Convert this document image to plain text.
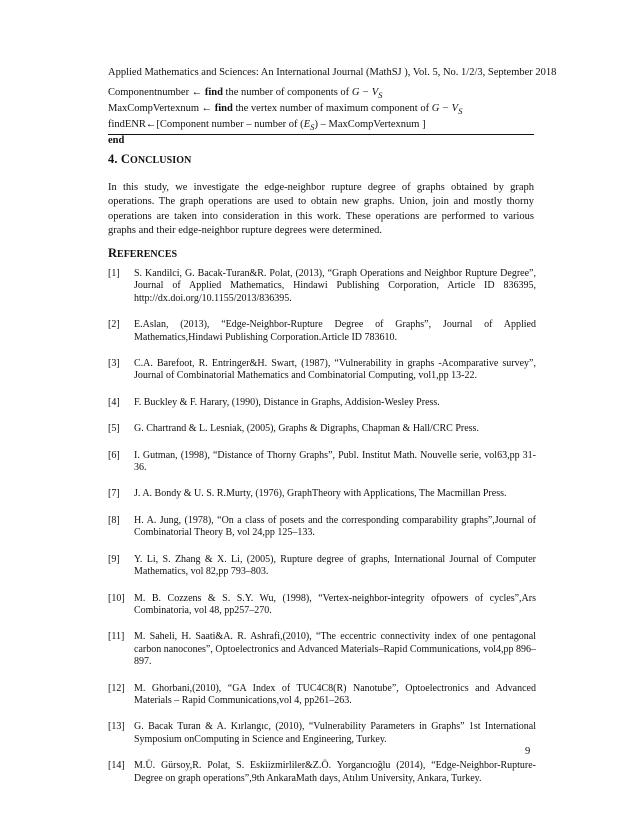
Applied Mathematics and Sciences: An International Journal (MathSJ ), Vol. 5, No. 1/2/3, September 2018
Componentnumber ← find the number of components of $G - V_S$
MaxCompVertexnum ← find the vertex number of maximum component of $G - V_S$
findENR←[Component number – number of $(E_S)$ – MaxCompVertexnum ]
end
4. CONCLUSION
In this study, we investigate the edge-neighbor rupture degree of graphs obtained by graph operations. The graph operations are used to obtain new graphs. Union, join and mostly thorny operations are taken into consideration in this work. These operations are performed to various graphs and their edge-neighbor rupture degrees were determined.
REFERENCES
[1]	S. Kandilci, G. Bacak-Turan&R. Polat, (2013), “Graph Operations and Neighbor Rupture Degree”, Journal of Applied Mathematics, Hindawi Publishing Corporation, Article ID 836395, http://dx.doi.org/10.1155/2013/836395.
[2]	E.Aslan, (2013), “Edge-Neighbor-Rupture Degree of Graphs”, Journal of Applied Mathematics,Hindawi Publishing Corporation.Article ID 783610.
[3]	C.A. Barefoot, R. Entringer&H. Swart, (1987), “Vulnerability in graphs -Acomparative survey”, Journal of Combinatorial Mathematics and Combinatorial Computing, vol1,pp 13-22.
[4]	F. Buckley & F. Harary, (1990), Distance in Graphs, Addision-Wesley Press.
[5]	G. Chartrand & L. Lesniak, (2005), Graphs & Digraphs, Chapman & Hall/CRC Press.
[6]	I. Gutman, (1998), “Distance of Thorny Graphs”, Publ. Institut Math. Nouvelle serie, vol63,pp 31-36.
[7]	J. A. Bondy & U. S. R.Murty, (1976), GraphTheory with Applications, The Macmillan Press.
[8]	H. A. Jung, (1978), “On a class of posets and the corresponding comparability graphs”,Journal of Combinatorial Theory B, vol 24,pp 125–133.
[9]	Y. Li, S. Zhang & X. Li, (2005), Rupture degree of graphs, International Journal of Computer Mathematics, vol 82,pp 793–803.
[10] M. B. Cozzens & S. S.Y. Wu, (1998), “Vertex-neighbor-integrity ofpowers of cycles”,Ars Combinatoria, vol 48, pp257–270.
[11] M. Saheli, H. Saati&A. R. Ashrafi,(2010), “The eccentric connectivity index of one pentagonal carbon nanocones”, Optoelectronics and Advanced Materials–Rapid Communications, vol4,pp 896–897.
[12] M. Ghorbani,(2010), “GA Index of TUC4C8(R) Nanotube”, Optoelectronics and Advanced Materials – Rapid Communications,vol 4, pp261–263.
[13] G. Bacak Turan & A. Kırlangıc, (2010), “Vulnerability Parameters in Graphs” 1st International Symposium onComputing in Science and Engineering, Turkey.
[14] M.Ü. Gürsoy,R. Polat, S. Eskiizmirliler&Z.Ö. Yorgancıoğlu (2014), “Edge-Neighbor-Rupture-Degree on graph operations”,9th AnkaraMath days, Atılım University, Ankara, Turkey.
9
